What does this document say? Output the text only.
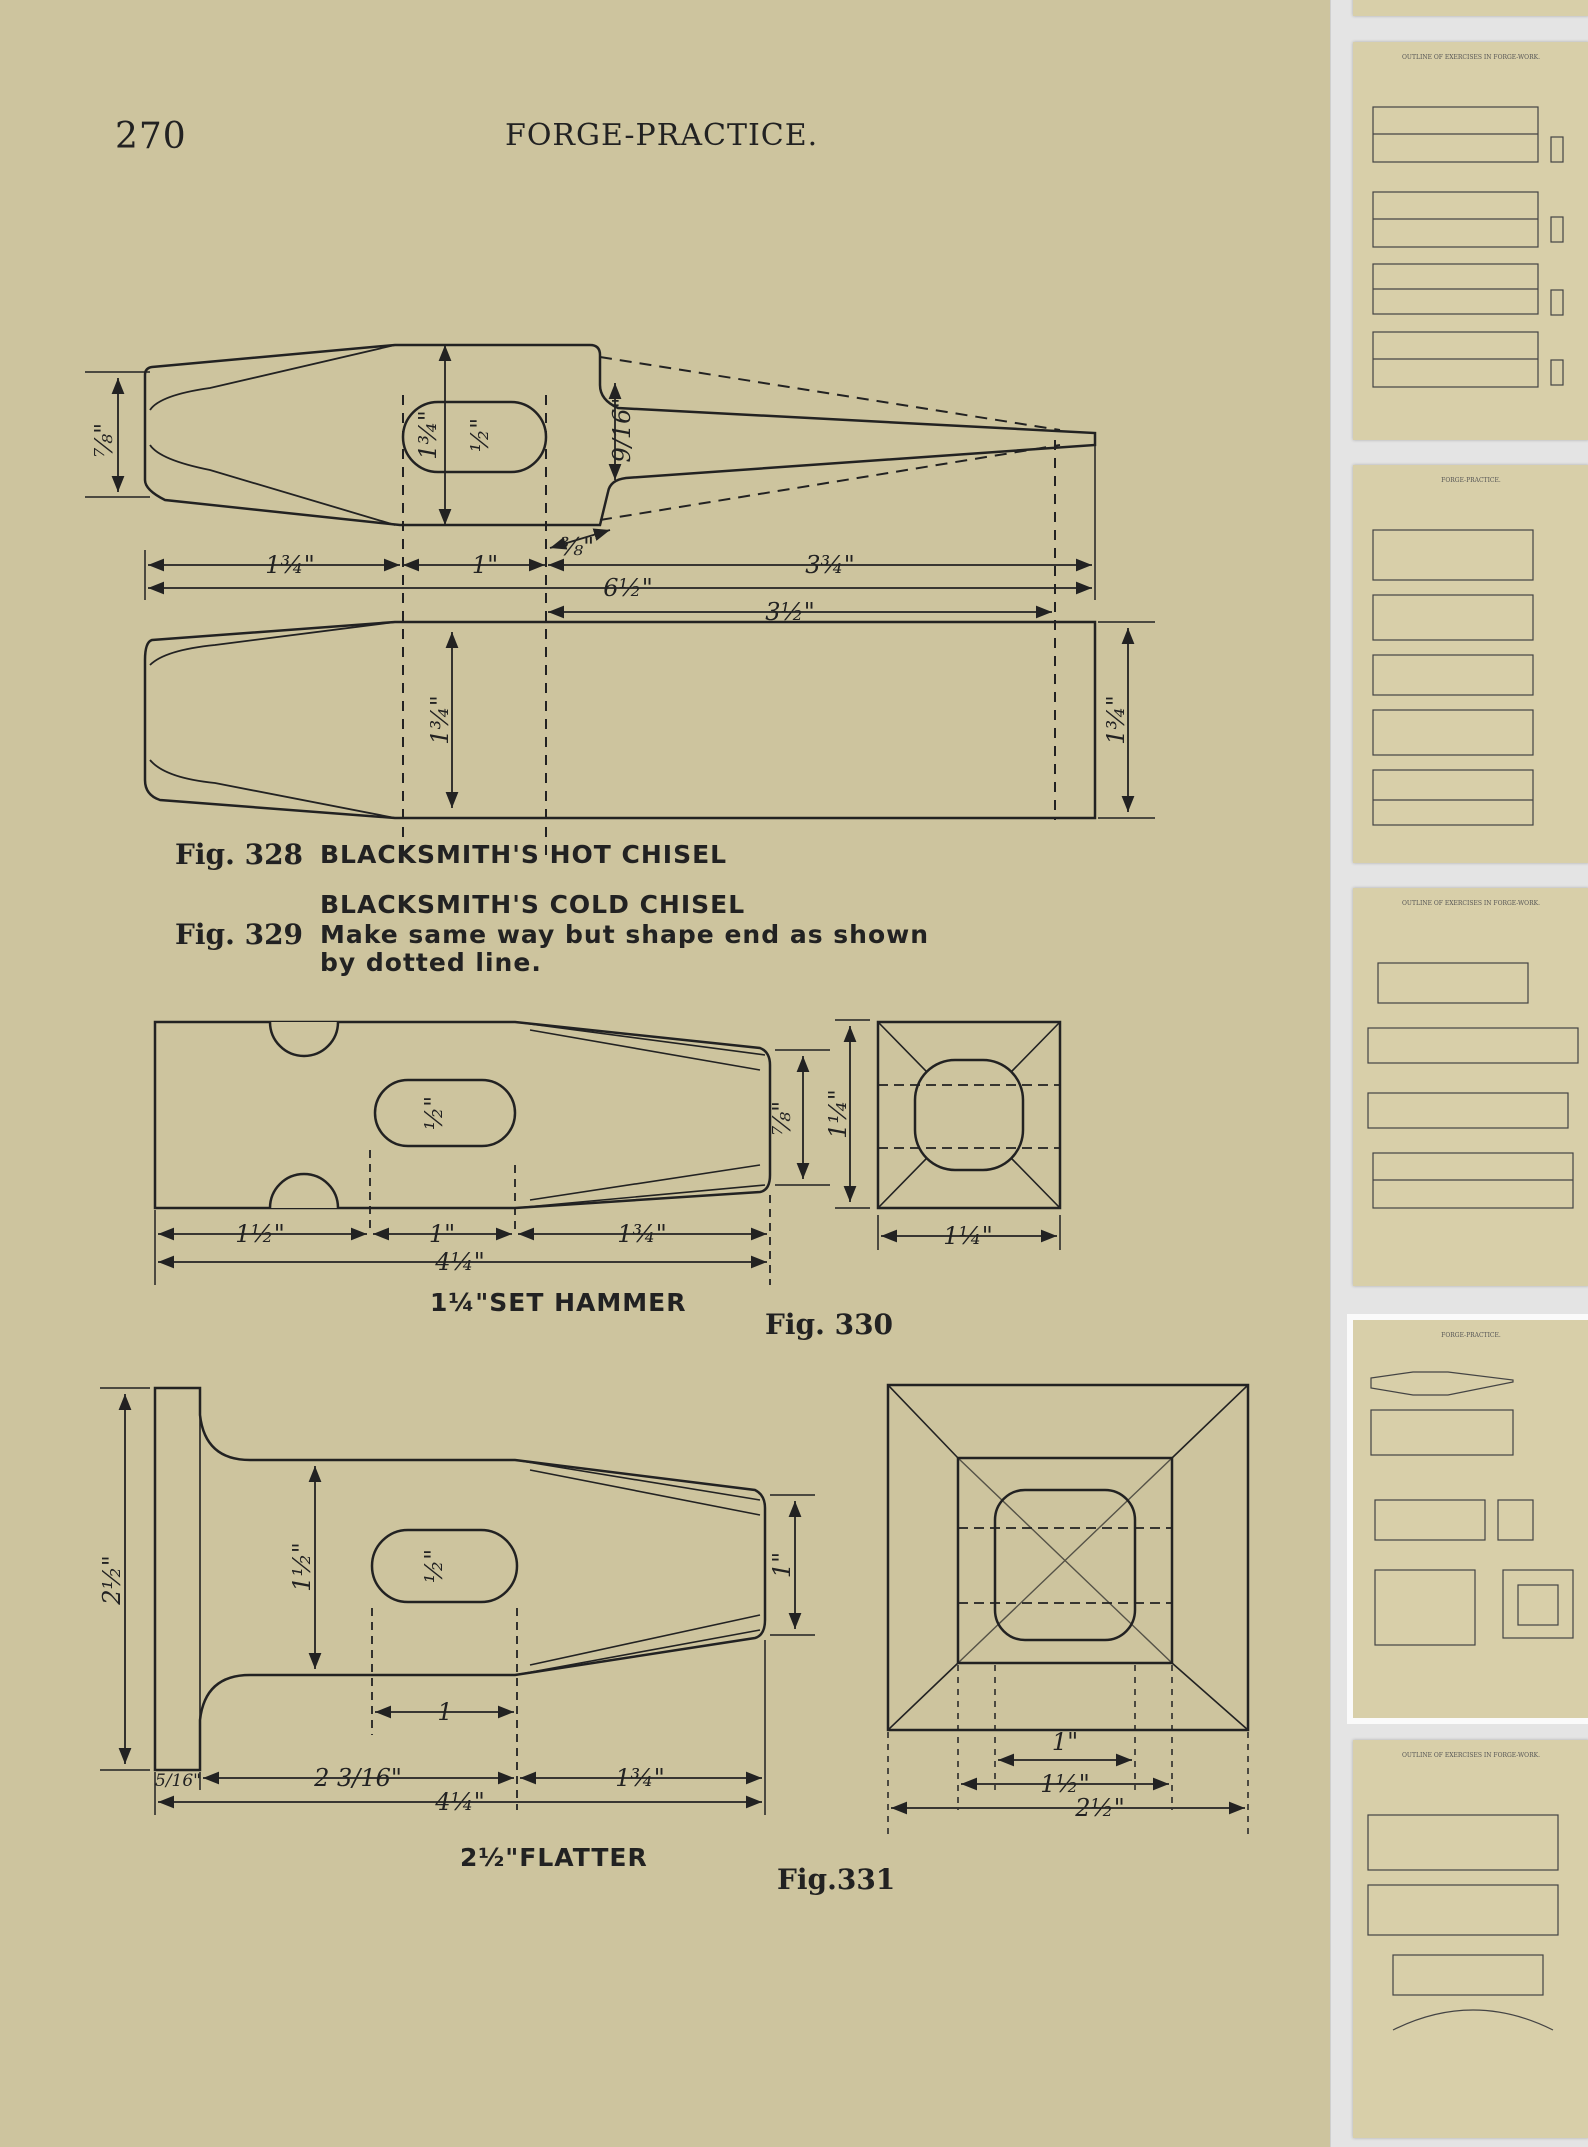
270	FORGE-PRACTICE.
⅞"	1¾" ½"	9/16"
⅜"
1¾"	1"	3¾"
6½"
3½"
1¾"	1¾"
½"	⅞" 1¼"
1½"	1"	1¾"
4¼"
1¼"
2½"	1½"	½"	1"
1
5/16"	2 3/16"	1¾"
4¼"
1"
1½"
2½"
Fig. 328 BLACKSMITH'S HOT CHISEL
BLACKSMITH'S COLD CHISEL
Fig. 329 Make same way but shape end as shown
by dotted line.
1¼"SET HAMMER
Fig. 330
2½"FLATTER
Fig.331
OUTLINE OF EXERCISES IN FORGE-WORK.
FORGE-PRACTICE.
OUTLINE OF EXERCISES IN FORGE-WORK.
FORGE-PRACTICE.
OUTLINE OF EXERCISES IN FORGE-WORK.
